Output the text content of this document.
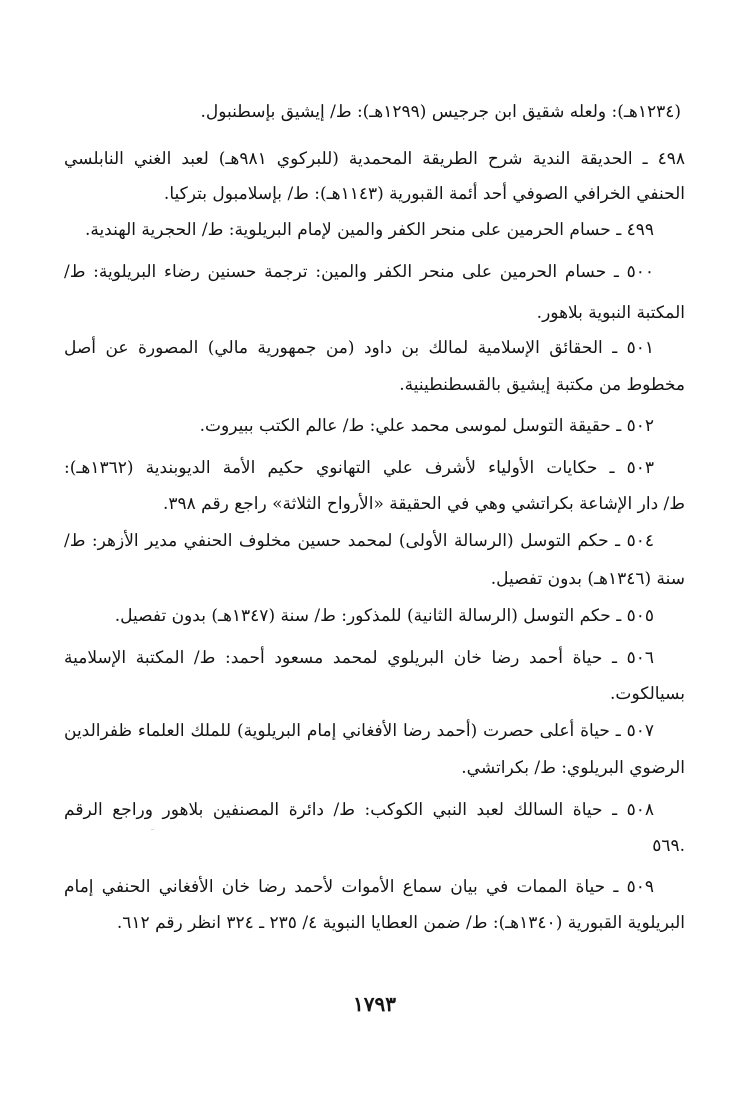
(١٢٣٤هـ): ولعله شقيق ابن جرجيس (١٢٩٩هـ): ط/ إيشيق بإسطنبول.
٤٩٨ ـ الحديقة الندية شرح الطريقة المحمدية (للبركوي ٩٨١هـ) لعبد الغني النابلسي
الحنفي الخرافي الصوفي أحد أئمة القبورية (١١٤٣هـ): ط/ بإسلامبول بتركيا.
٤٩٩ ـ حسام الحرمين على منحر الكفر والمين لإمام البريلوية: ط/ الحجرية الهندية.
٥٠٠ ـ حسام الحرمين على منحر الكفر والمين: ترجمة حسنين رضاء البريلوية: ط/
المكتبة النبوية بلاهور.
٥٠١ ـ الحقائق الإسلامية لمالك بن داود (من جمهورية مالي) المصورة عن أصل
مخطوط من مكتبة إيشيق بالقسطنطينية.
٥٠٢ ـ حقيقة التوسل لموسى محمد علي: ط/ عالم الكتب ببيروت.
٥٠٣ ـ حكايات الأولياء لأشرف علي التهانوي حكيم الأمة الديوبندية (١٣٦٢هـ):
ط/ دار الإشاعة بكراتشي وهي في الحقيقة «الأرواح الثلاثة» راجع رقم ٣٩٨.
٥٠٤ ـ حكم التوسل (الرسالة الأولى) لمحمد حسين مخلوف الحنفي مدير الأزهر: ط/
سنة (١٣٤٦هـ) بدون تفصيل.
٥٠٥ ـ حكم التوسل (الرسالة الثانية) للمذكور: ط/ سنة (١٣٤٧هـ) بدون تفصيل.
٥٠٦ ـ حياة أحمد رضا خان البريلوي لمحمد مسعود أحمد: ط/ المكتبة الإسلامية
بسيالكوت.
٥٠٧ ـ حياة أعلى حصرت (أحمد رضا الأفغاني إمام البريلوية) للملك العلماء ظفرالدين
الرضوي البريلوي: ط/ بكراتشي.
٥٠٨ ـ حياة السالك لعبد النبي الكوكب: ط/ دائرة المصنفين بلاهور وراجع الرقم
٥٦٩.
٥٠٩ ـ حياة الممات في بيان سماع الأموات لأحمد رضا خان الأفغاني الحنفي إمام
البريلوية القبورية (١٣٤٠هـ): ط/ ضمن العطايا النبوية ٤/ ٢٣٥ ـ ٣٢٤ انظر رقم ٦١٢.
١٧٩٣
